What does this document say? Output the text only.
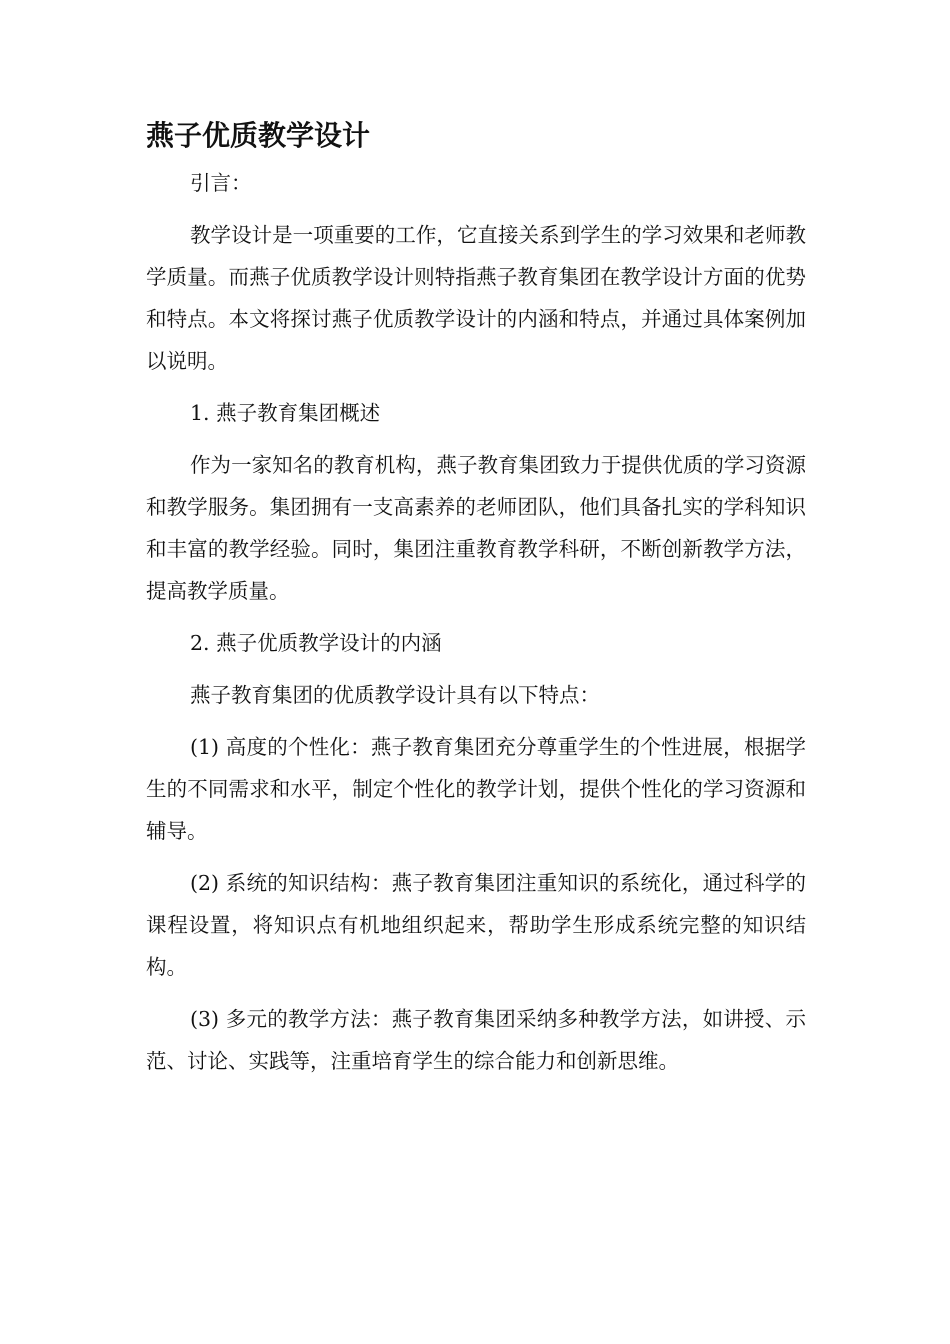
燕子优质教学设计

引言：

教学设计是一项重要的工作，它直接关系到学生的学习效果和老师教学质量。而燕子优质教学设计则特指燕子教育集团在教学设计方面的优势和特点。本文将探讨燕子优质教学设计的内涵和特点，并通过具体案例加以说明。

1. 燕子教育集团概述

作为一家知名的教育机构，燕子教育集团致力于提供优质的学习资源和教学服务。集团拥有一支高素养的老师团队，他们具备扎实的学科知识和丰富的教学经验。同时，集团注重教育教学科研，不断创新教学方法，提高教学质量。

2. 燕子优质教学设计的内涵

燕子教育集团的优质教学设计具有以下特点：

(1) 高度的个性化：燕子教育集团充分尊重学生的个性进展，根据学生的不同需求和水平，制定个性化的教学计划，提供个性化的学习资源和辅导。

(2) 系统的知识结构：燕子教育集团注重知识的系统化，通过科学的课程设置，将知识点有机地组织起来，帮助学生形成系统完整的知识结构。

(3) 多元的教学方法：燕子教育集团采纳多种教学方法，如讲授、示范、讨论、实践等，注重培育学生的综合能力和创新思维。
